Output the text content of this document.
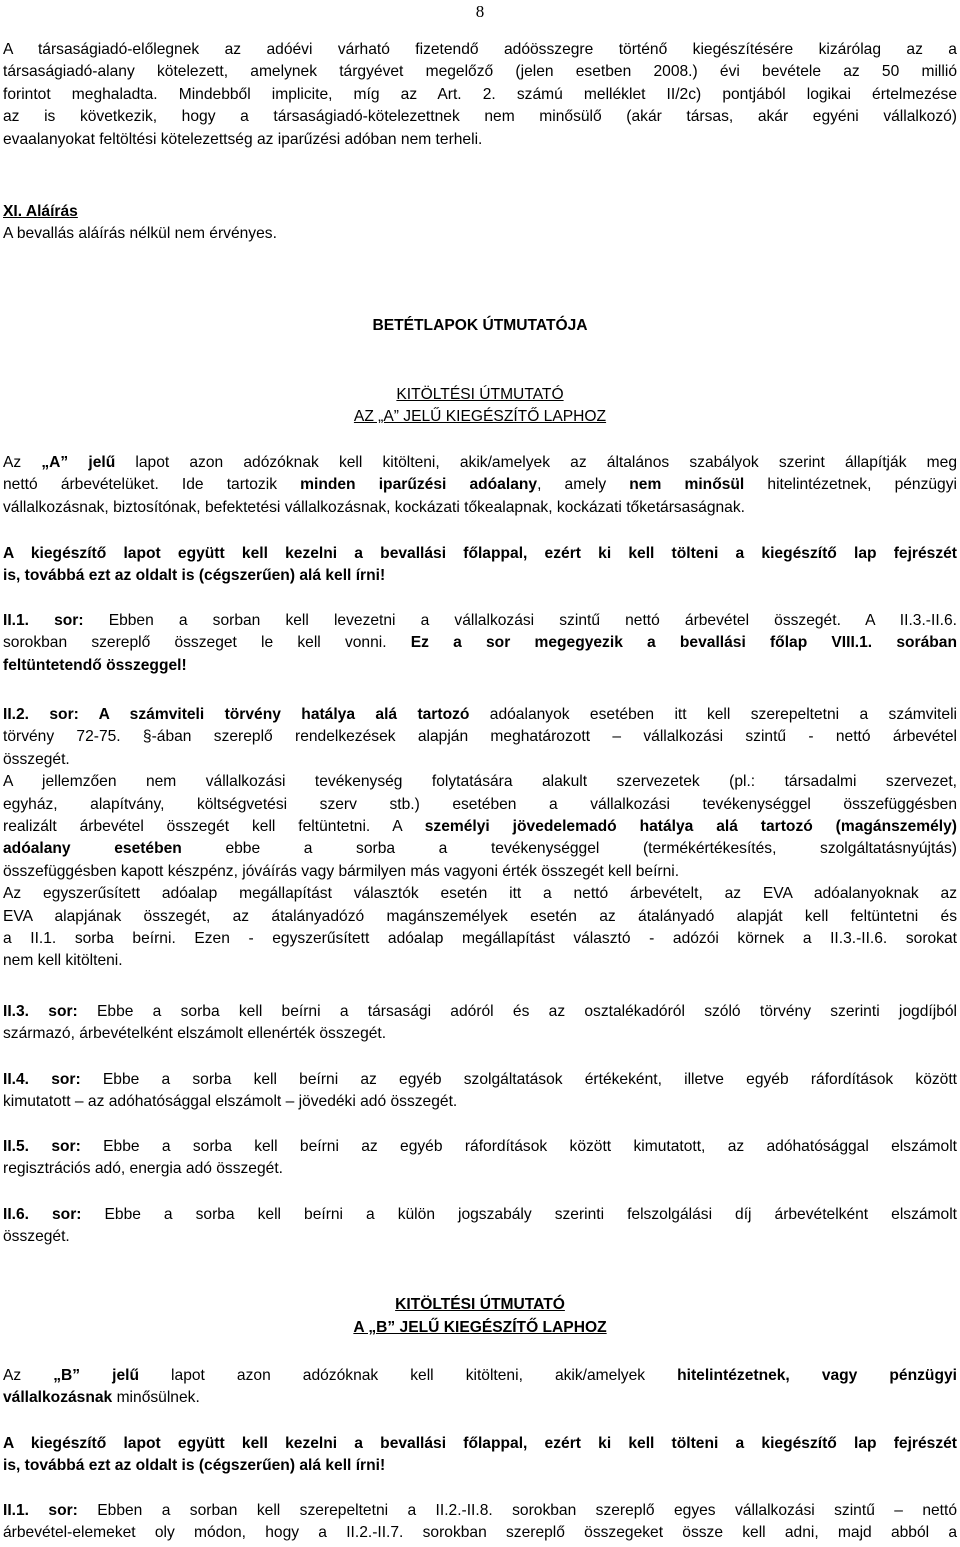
8
A társaságiadó-előlegnek az adóévi várható fizetendő adóösszegre történő kiegészítésére kizárólag az a
társaságiadó-alany kötelezett, amelynek tárgyévet megelőző (jelen esetben 2008.) évi bevétele az 50 millió
forintot meghaladta. Mindebből implicite, míg az Art. 2. számú melléklet II/2c) pontjából logikai értelmezése
az is következik, hogy a társaságiadó-kötelezettnek nem minősülő (akár társas, akár egyéni vállalkozó)
evaalanyokat feltöltési kötelezettség az iparűzési adóban nem terheli.
XI. Aláírás
A bevallás aláírás nélkül nem érvényes.
BETÉTLAPOK ÚTMUTATÓJA
KITÖLTÉSI ÚTMUTATÓ
AZ „A” JELŰ KIEGÉSZÍTŐ LAPHOZ
Az „A” jelű lapot azon adózóknak kell kitölteni, akik/amelyek az általános szabályok szerint állapítják meg
nettó árbevételüket. Ide tartozik minden iparűzési adóalany, amely nem minősül hitelintézetnek, pénzügyi
vállalkozásnak, biztosítónak, befektetési vállalkozásnak, kockázati tőkealapnak, kockázati tőketársaságnak.
A kiegészítő lapot együtt kell kezelni a bevallási főlappal, ezért ki kell tölteni a kiegészítő lap fejrészét
is, továbbá ezt az oldalt is (cégszerűen) alá kell írni!
II.1. sor: Ebben a sorban kell levezetni a vállalkozási szintű nettó árbevétel összegét. A II.3.-II.6.
sorokban szereplő összeget le kell vonni. Ez a sor megegyezik a bevallási főlap VIII.1. sorában
feltüntetendő összeggel!
II.2. sor: A számviteli törvény hatálya alá tartozó adóalanyok esetében itt kell szerepeltetni a számviteli
törvény 72-75. §-ában szereplő rendelkezések alapján meghatározott – vállalkozási szintű - nettó árbevétel
összegét.
A jellemzően nem vállalkozási tevékenység folytatására alakult szervezetek (pl.: társadalmi szervezet,
egyház, alapítvány, költségvetési szerv stb.) esetében a vállalkozási tevékenységgel összefüggésben
realizált árbevétel összegét kell feltüntetni. A személyi jövedelemadó hatálya alá tartozó (magánszemély)
adóalany esetében ebbe a sorba a tevékenységgel (termékértékesítés, szolgáltatásnyújtás)
összefüggésben kapott készpénz, jóváírás vagy bármilyen más vagyoni érték összegét kell beírni.
Az egyszerűsített adóalap megállapítást választók esetén itt a nettó árbevételt, az EVA adóalanyoknak az
EVA alapjának összegét, az átalányadózó magánszemélyek esetén az átalányadó alapját kell feltüntetni és
a II.1. sorba beírni. Ezen - egyszerűsített adóalap megállapítást választó - adózói körnek a II.3.-II.6. sorokat
nem kell kitölteni.
II.3. sor: Ebbe a sorba kell beírni a társasági adóról és az osztalékadóról szóló törvény szerinti jogdíjból
származó, árbevételként elszámolt ellenérték összegét.
II.4. sor: Ebbe a sorba kell beírni az egyéb szolgáltatások értékeként, illetve egyéb ráfordítások között
kimutatott – az adóhatósággal elszámolt – jövedéki adó összegét.
II.5. sor: Ebbe a sorba kell beírni az egyéb ráfordítások között kimutatott, az adóhatósággal elszámolt
regisztrációs adó, energia adó összegét.
II.6. sor: Ebbe a sorba kell beírni a külön jogszabály szerinti felszolgálási díj árbevételként elszámolt
összegét.
KITÖLTÉSI ÚTMUTATÓ
A „B” JELŰ KIEGÉSZÍTŐ LAPHOZ
Az „B” jelű lapot azon adózóknak kell kitölteni, akik/amelyek hitelintézetnek, vagy pénzügyi
vállalkozásnak minősülnek.
A kiegészítő lapot együtt kell kezelni a bevallási főlappal, ezért ki kell tölteni a kiegészítő lap fejrészét
is, továbbá ezt az oldalt is (cégszerűen) alá kell írni!
II.1. sor: Ebben a sorban kell szerepeltetni a II.2.-II.8. sorokban szereplő egyes vállalkozási szintű – nettó
árbevétel-elemeket oly módon, hogy a II.2.-II.7. sorokban szereplő összegeket össze kell adni, majd abból a
